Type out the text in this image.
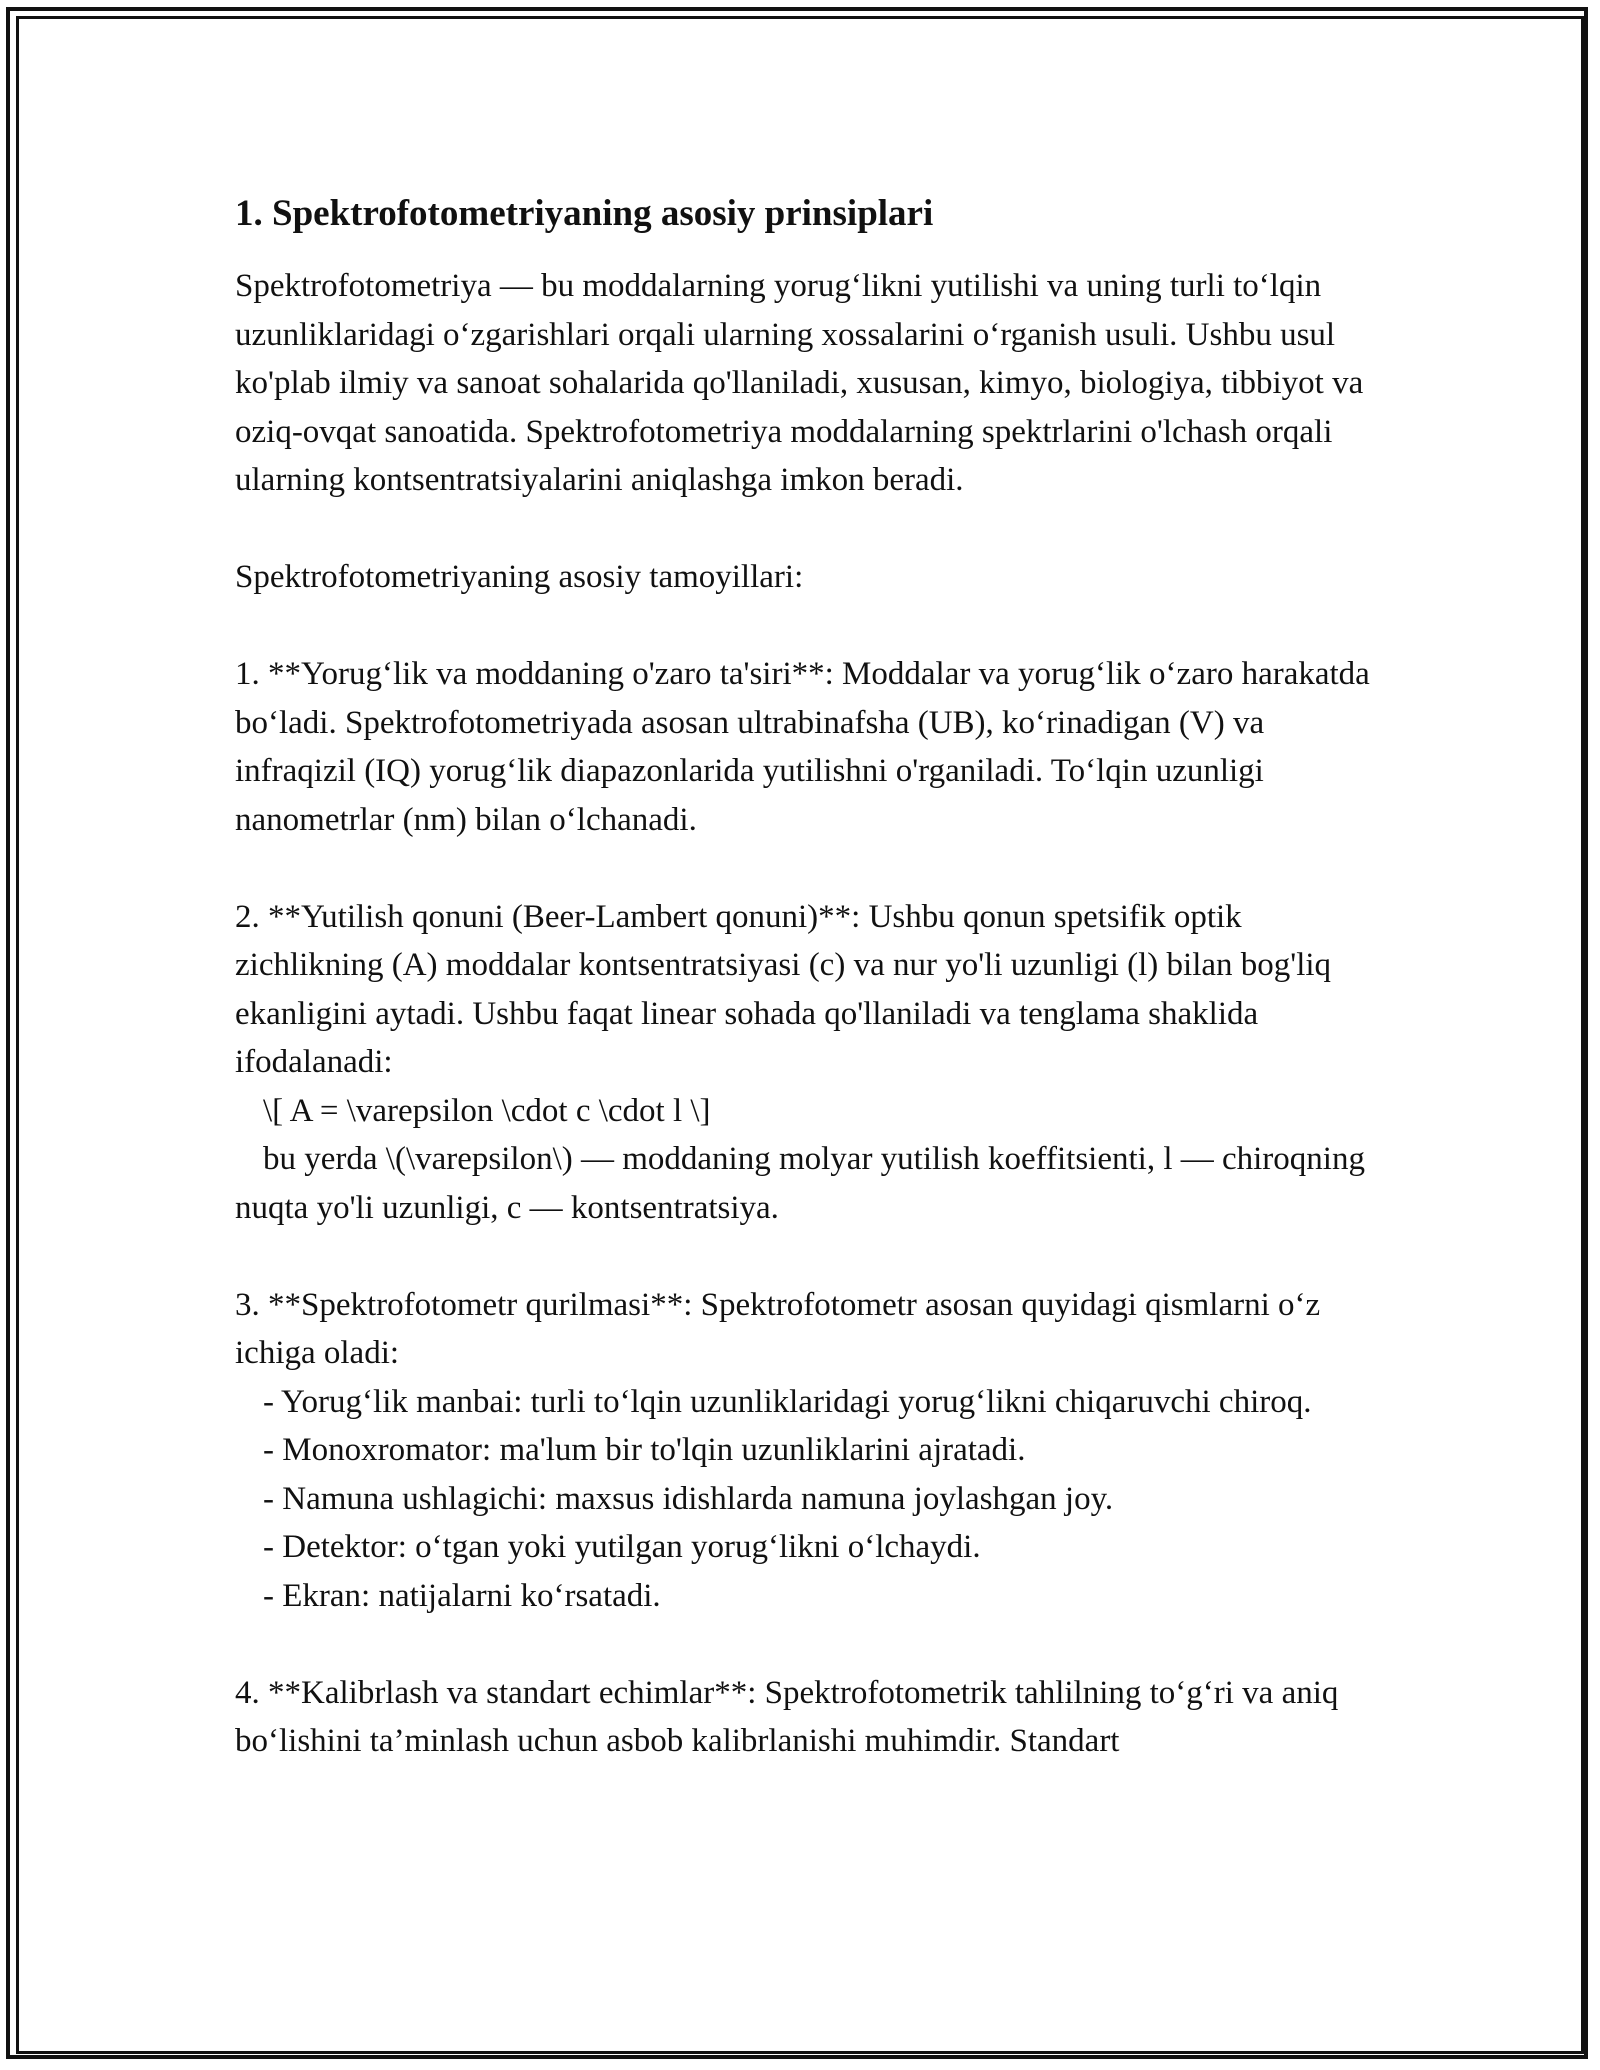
1. Spektrofotometriyaning asosiy prinsiplari

Spektrofotometriya — bu moddalarning yorug‘likni yutilishi va uning turli to‘lqin uzunliklaridagi o‘zgarishlari orqali ularning xossalarini o‘rganish usuli. Ushbu usul ko'plab ilmiy va sanoat sohalarida qo'llaniladi, xususan, kimyo, biologiya, tibbiyot va oziq-ovqat sanoatida. Spektrofotometriya moddalarning spektrlarini o'lchash orqali ularning kontsentratsiyalarini aniqlashga imkon beradi.

Spektrofotometriyaning asosiy tamoyillari:

1. **Yorug‘lik va moddaning o'zaro ta'siri**: Moddalar va yorug‘lik o‘zaro harakatda bo‘ladi. Spektrofotometriyada asosan ultrabinafsha (UB), ko‘rinadigan (V) va infraqizil (IQ) yorug‘lik diapazonlarida yutilishni o'rganiladi. To‘lqin uzunligi nanometrlar (nm) bilan o‘lchanadi.

2. **Yutilish qonuni (Beer-Lambert qonuni)**: Ushbu qonun spetsifik optik zichlikning (A) moddalar kontsentratsiyasi (c) va nur yo'li uzunligi (l) bilan bog'liq ekanligini aytadi. Ushbu faqat linear sohada qo'llaniladi va tenglama shaklida ifodalanadi:

\[ A = \varepsilon \cdot c \cdot l \]

bu yerda \(\varepsilon\) — moddaning molyar yutilish koeffitsienti, l — chiroqning nuqta yo'li uzunligi, c — kontsentratsiya.

3. **Spektrofotometr qurilmasi**: Spektrofotometr asosan quyidagi qismlarni o‘z ichiga oladi:

- Yorug‘lik manbai: turli to‘lqin uzunliklaridagi yorug‘likni chiqaruvchi chiroq.

- Monoxromator: ma'lum bir to'lqin uzunliklarini ajratadi.

- Namuna ushlagichi: maxsus idishlarda namuna joylashgan joy.

- Detektor: o‘tgan yoki yutilgan yorug‘likni o‘lchaydi.

- Ekran: natijalarni ko‘rsatadi.

4. **Kalibrlash va standart echimlar**: Spektrofotometrik tahlilning to‘g‘ri va aniq bo‘lishini ta’minlash uchun asbob kalibrlanishi muhimdir. Standart
